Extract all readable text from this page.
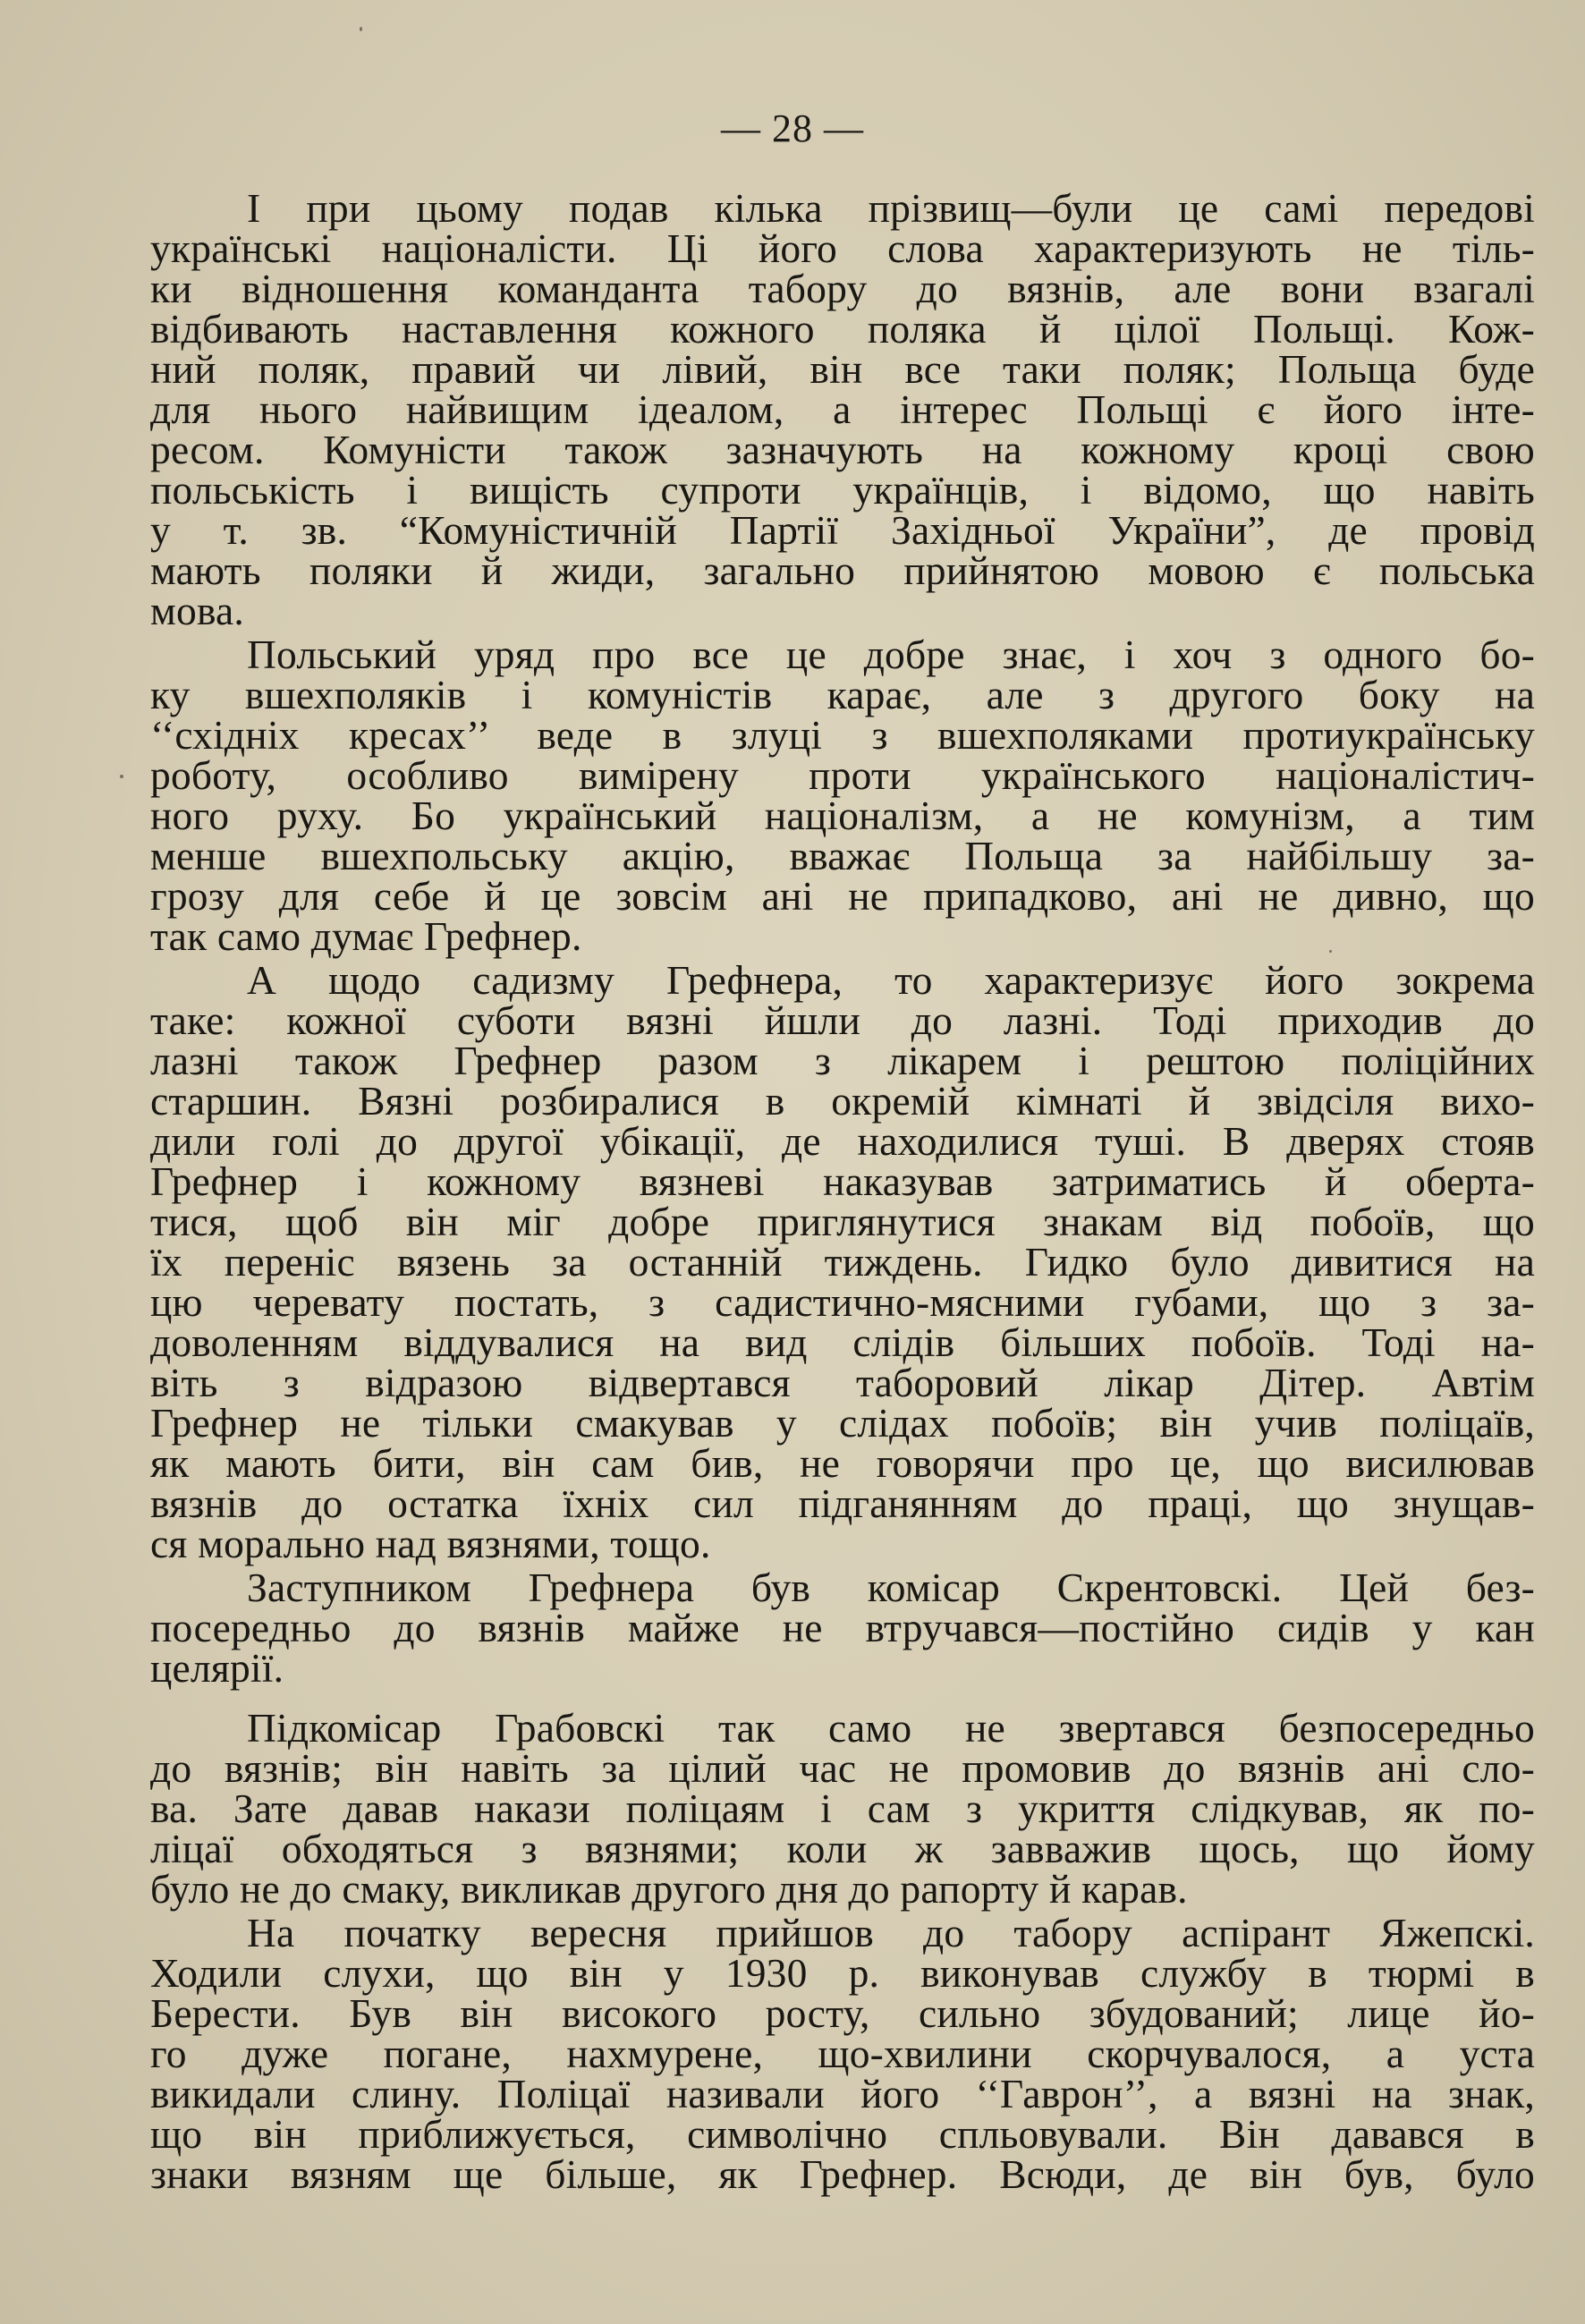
— 28 —
І при цьому подав кілька прізвищ—були це самі передові
українські націоналісти. Ці його слова характеризують не тіль-
ки відношення команданта табору до вязнів, але вони взагалі
відбивають наставлення кожного поляка й цілої Польщі. Кож-
ний поляк, правий чи лівий, він все таки поляк; Польща буде
для нього найвищим ідеалом, а інтерес Польщі є його інте-
ресом. Комуністи також зазначують на кожному кроці свою
польськість і вищість супроти українців, і відомо, що навіть
у т. зв. “Комуністичній Партії Західньої України”, де провід
мають поляки й жиди, загально прийнятою мовою є польська
мова.
Польський уряд про все це добре знає, і хоч з одного бо-
ку вшехполяків і комуністів карає, але з другого боку на
‘‘східніх кресах’’ веде в злуці з вшехполяками протиукраїнську
роботу, особливо вимірену проти українського націоналістич-
ного руху. Бо український націоналізм, а не комунізм, а тим
менше вшехпольську акцію, вважає Польща за найбільшу за-
грозу для себе й це зовсім ані не припадково, ані не дивно, що
так само думає Грефнер.
А щодо садизму Грефнера, то характеризує його зокрема
таке: кожної суботи вязні йшли до лазні. Тоді приходив до
лазні також Грефнер разом з лікарем і рештою поліційних
старшин. Вязні розбиралися в окремій кімнаті й звідсіля вихо-
дили голі до другої убікації, де находилися туші. В дверях стояв
Грефнер і кожному вязневі наказував затриматись й оберта-
тися, щоб він міг добре приглянутися знакам від побоїв, що
їх переніс вязень за останній тиждень. Гидко було дивитися на
цю черевату постать, з садистично-мясними губами, що з за-
доволенням віддувалися на вид слідів більших побоїв. Тоді на-
віть з відразою відвертався таборовий лікар Дітер. Автім
Грефнер не тільки смакував у слідах побоїв; він учив поліцаїв,
як мають бити, він сам бив, не говорячи про це, що висилював
вязнів до остатка їхніх сил підганянням до праці, що знущав-
ся морально над вязнями, тощо.
Заступником Грефнера був комісар Скрентовскі. Цей без-
посередньо до вязнів майже не втручався—постійно сидів у кан
целярії.
Підкомісар Грабовскі так само не звертався безпосередньо
до вязнів; він навіть за цілий час не промовив до вязнів ані сло-
ва. Зате давав накази поліцаям і сам з укриття слідкував, як по-
ліцаї обходяться з вязнями; коли ж завважив щось, що йому
було не до смаку, викликав другого дня до рапорту й карав.
На початку вересня прийшов до табору аспірант Яжепскі.
Ходили слухи, що він у 1930 р. виконував службу в тюрмі в
Берести. Був він високого росту, сильно збудований; лице йо-
го дуже погане, нахмурене, що-хвилини скорчувалося, а уста
викидали слину. Поліцаї називали його ‘‘Гаврон’’, а вязні на знак,
що він приближується, символічно спльовували. Він давався в
знаки вязням ще більше, як Грефнер. Всюди, де він був, було
